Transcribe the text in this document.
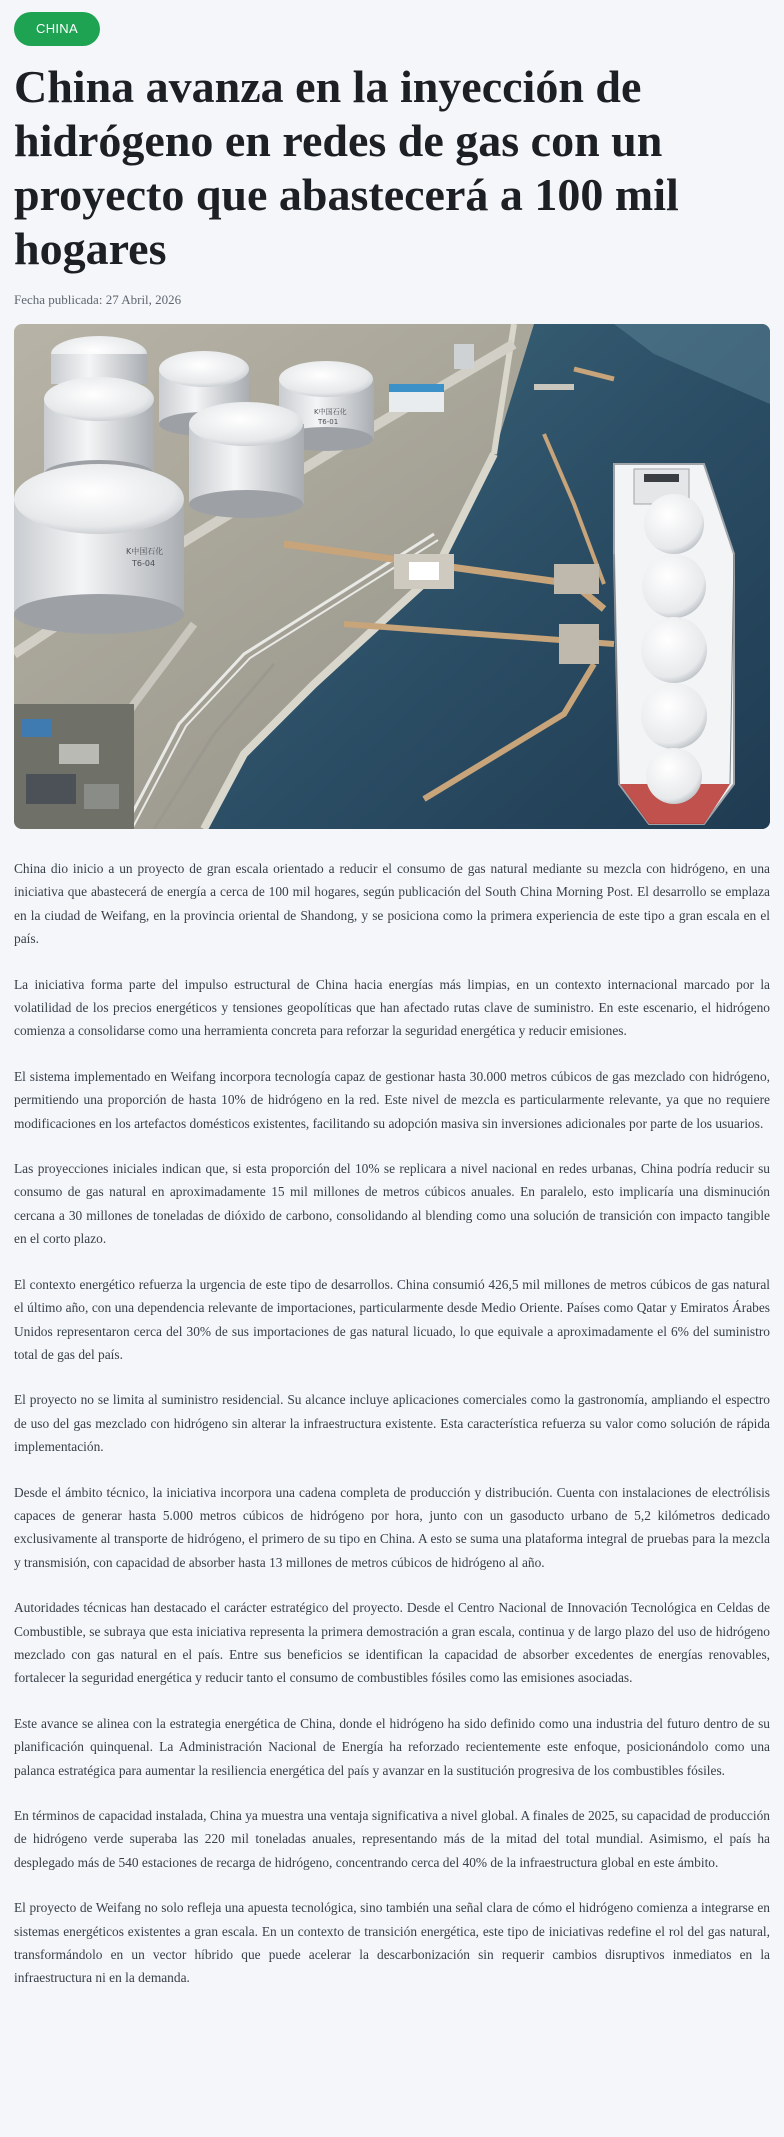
CHINA
China avanza en la inyección de hidrógeno en redes de gas con un proyecto que abastecerá a 100 mil hogares
Fecha publicada: 27 Abril, 2026
K中国石化
T6-01
K中国石化
T6-04

China dio inicio a un proyecto de gran escala orientado a reducir el consumo de gas natural mediante su mezcla con hidrógeno, en una iniciativa que abastecerá de energía a cerca de 100 mil hogares, según publicación del South China Morning Post. El desarrollo se emplaza en la ciudad de Weifang, en la provincia oriental de Shandong, y se posiciona como la primera experiencia de este tipo a gran escala en el país.

La iniciativa forma parte del impulso estructural de China hacia energías más limpias, en un contexto internacional marcado por la volatilidad de los precios energéticos y tensiones geopolíticas que han afectado rutas clave de suministro. En este escenario, el hidrógeno comienza a consolidarse como una herramienta concreta para reforzar la seguridad energética y reducir emisiones.

El sistema implementado en Weifang incorpora tecnología capaz de gestionar hasta 30.000 metros cúbicos de gas mezclado con hidrógeno, permitiendo una proporción de hasta 10% de hidrógeno en la red. Este nivel de mezcla es particularmente relevante, ya que no requiere modificaciones en los artefactos domésticos existentes, facilitando su adopción masiva sin inversiones adicionales por parte de los usuarios.

Las proyecciones iniciales indican que, si esta proporción del 10% se replicara a nivel nacional en redes urbanas, China podría reducir su consumo de gas natural en aproximadamente 15 mil millones de metros cúbicos anuales. En paralelo, esto implicaría una disminución cercana a 30 millones de toneladas de dióxido de carbono, consolidando al blending como una solución de transición con impacto tangible en el corto plazo.

El contexto energético refuerza la urgencia de este tipo de desarrollos. China consumió 426,5 mil millones de metros cúbicos de gas natural el último año, con una dependencia relevante de importaciones, particularmente desde Medio Oriente. Países como Qatar y Emiratos Árabes Unidos representaron cerca del 30% de sus importaciones de gas natural licuado, lo que equivale a aproximadamente el 6% del suministro total de gas del país.

El proyecto no se limita al suministro residencial. Su alcance incluye aplicaciones comerciales como la gastronomía, ampliando el espectro de uso del gas mezclado con hidrógeno sin alterar la infraestructura existente. Esta característica refuerza su valor como solución de rápida implementación.

Desde el ámbito técnico, la iniciativa incorpora una cadena completa de producción y distribución. Cuenta con instalaciones de electrólisis capaces de generar hasta 5.000 metros cúbicos de hidrógeno por hora, junto con un gasoducto urbano de 5,2 kilómetros dedicado exclusivamente al transporte de hidrógeno, el primero de su tipo en China. A esto se suma una plataforma integral de pruebas para la mezcla y transmisión, con capacidad de absorber hasta 13 millones de metros cúbicos de hidrógeno al año.

Autoridades técnicas han destacado el carácter estratégico del proyecto. Desde el Centro Nacional de Innovación Tecnológica en Celdas de Combustible, se subraya que esta iniciativa representa la primera demostración a gran escala, continua y de largo plazo del uso de hidrógeno mezclado con gas natural en el país. Entre sus beneficios se identifican la capacidad de absorber excedentes de energías renovables, fortalecer la seguridad energética y reducir tanto el consumo de combustibles fósiles como las emisiones asociadas.

Este avance se alinea con la estrategia energética de China, donde el hidrógeno ha sido definido como una industria del futuro dentro de su planificación quinquenal. La Administración Nacional de Energía ha reforzado recientemente este enfoque, posicionándolo como una palanca estratégica para aumentar la resiliencia energética del país y avanzar en la sustitución progresiva de los combustibles fósiles.

En términos de capacidad instalada, China ya muestra una ventaja significativa a nivel global. A finales de 2025, su capacidad de producción de hidrógeno verde superaba las 220 mil toneladas anuales, representando más de la mitad del total mundial. Asimismo, el país ha desplegado más de 540 estaciones de recarga de hidrógeno, concentrando cerca del 40% de la infraestructura global en este ámbito.

El proyecto de Weifang no solo refleja una apuesta tecnológica, sino también una señal clara de cómo el hidrógeno comienza a integrarse en sistemas energéticos existentes a gran escala. En un contexto de transición energética, este tipo de iniciativas redefine el rol del gas natural, transformándolo en un vector híbrido que puede acelerar la descarbonización sin requerir cambios disruptivos inmediatos en la infraestructura ni en la demanda.
